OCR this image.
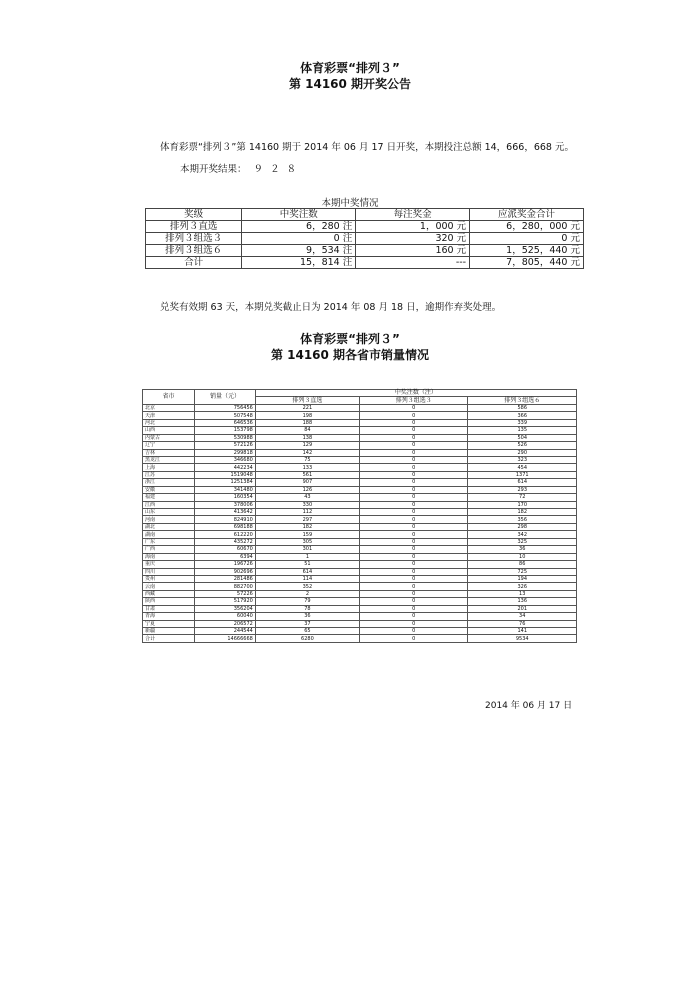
体育彩票“排列３”
第 14160 期开奖公告
体育彩票“排列３”第 14160 期于 2014 年 06 月 17 日开奖，本期投注总额 14，666，668 元。
本期开奖结果： ９ ２ ８
本期中奖情况
奖级	中奖注数	每注奖金	应派奖金合计
排列３直选	6，280 注	1，000 元	6，280，000 元
排列３组选３	0 注	320 元	0 元
排列３组选６	9，534 注	160 元	1，525，440 元
合计	15，814 注	---	7，805，440 元
兑奖有效期 63 天，本期兑奖截止日为 2014 年 08 月 18 日，逾期作弃奖处理。
体育彩票“排列３”
第 14160 期各省市销量情况
省市	销量（元）	中奖注数（注）		
		排列３直选	排列３组选３	排列３组选６
北京	756456	221	0	586
天津	507548	198	0	366
河北	646536	188	0	339
山西	153798	84	0	135
内蒙古	530988	138	0	504
辽宁	572126	129	0	526
吉林	299818	142	0	290
黑龙江	346680	75	0	323
上海	442234	133	0	454
江苏	1519048	561	0	1371
浙江	1251384	907	0	614
安徽	341480	126	0	293
福建	160354	43	0	72
江西	378006	330	0	170
山东	413642	112	0	182
河南	824910	297	0	356
湖北	698188	182	0	298
湖南	612220	159	0	342
广东	435272	305	0	325
广西	60670	301	0	36
海南	6394	1	0	10
重庆	196726	51	0	86
四川	902696	614	0	725
贵州	281486	114	0	194
云南	882700	352	0	326
西藏	57226	2	0	13
陕西	517920	79	0	136
甘肃	356204	78	0	201
青海	60040	36	0	34
宁夏	206572	37	0	76
新疆	244544	65	0	141
合计	14666668	6280	0	9534
2014 年 06 月 17 日
